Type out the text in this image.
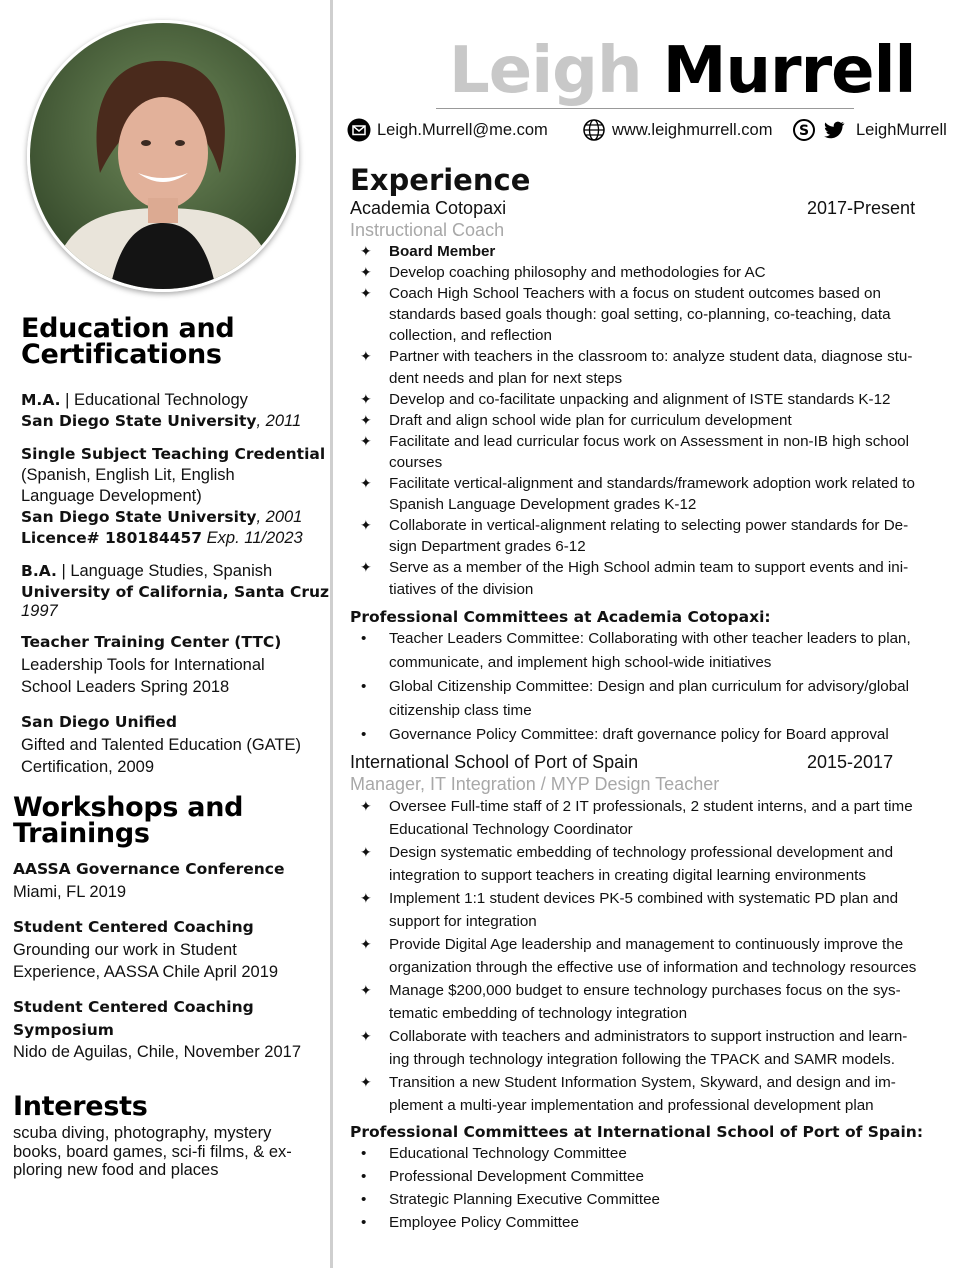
Leigh Murrell
Leigh.Murrell@me.com	www.leighmurrell.com S	LeighMurrell
Education and
Certifications
M.A. | Educational Technology
San Diego State University, 2011
Single Subject Teaching Credential
(Spanish, English Lit, English
Language Development)
San Diego State University, 2001
Licence# 180184457 Exp. 11/2023
B.A. | Language Studies, Spanish
University of California, Santa Cruz
1997
Teacher Training Center (TTC)
Leadership Tools for International
School Leaders Spring 2018
San Diego Unified
Gifted and Talented Education (GATE)
Certification, 2009
Workshops and
Trainings
AASSA Governance Conference
Miami, FL 2019
Student Centered Coaching
Grounding our work in Student
Experience, AASSA Chile April 2019
Student Centered Coaching
Symposium
Nido de Aguilas, Chile, November 2017
Interests
scuba diving, photography, mystery
books, board games, sci-fi films, & ex-
ploring new food and places
Experience
Academia Cotopaxi	2017-Present
Instructional Coach
✦ Board Member
✦ Develop coaching philosophy and methodologies for AC
✦ Coach High School Teachers with a focus on student outcomes based on
standards based goals though: goal setting, co-planning, co-teaching, data
collection, and reflection
✦ Partner with teachers in the classroom to: analyze student data, diagnose stu-
dent needs and plan for next steps
✦ Develop and co-facilitate unpacking and alignment of ISTE standards K-12
✦ Draft and align school wide plan for curriculum development
✦ Facilitate and lead curricular focus work on Assessment in non-IB high school
courses
✦ Facilitate vertical-alignment and standards/framework adoption work related to
Spanish Language Development grades K-12
✦ Collaborate in vertical-alignment relating to selecting power standards for De-
sign Department grades 6-12
✦ Serve as a member of the High School admin team to support events and ini-
tiatives of the division
Professional Committees at Academia Cotopaxi:
• Teacher Leaders Committee: Collaborating with other teacher leaders to plan,
communicate, and implement high school-wide initiatives
• Global Citizenship Committee: Design and plan curriculum for advisory/global
citizenship class time
• Governance Policy Committee: draft governance policy for Board approval
International School of Port of Spain	2015-2017
Manager, IT Integration / MYP Design Teacher
✦ Oversee Full-time staff of 2 IT professionals, 2 student interns, and a part time
Educational Technology Coordinator
✦ Design systematic embedding of technology professional development and
integration to support teachers in creating digital learning environments
✦ Implement 1:1 student devices PK-5 combined with systematic PD plan and
support for integration
✦ Provide Digital Age leadership and management to continuously improve the
organization through the effective use of information and technology resources
✦ Manage $200,000 budget to ensure technology purchases focus on the sys-
tematic embedding of technology integration
✦ Collaborate with teachers and administrators to support instruction and learn-
ing through technology integration following the TPACK and SAMR models.
✦ Transition a new Student Information System, Skyward, and design and im-
plement a multi-year implementation and professional development plan
Professional Committees at International School of Port of Spain:
• Educational Technology Committee
• Professional Development Committee
• Strategic Planning Executive Committee
• Employee Policy Committee
